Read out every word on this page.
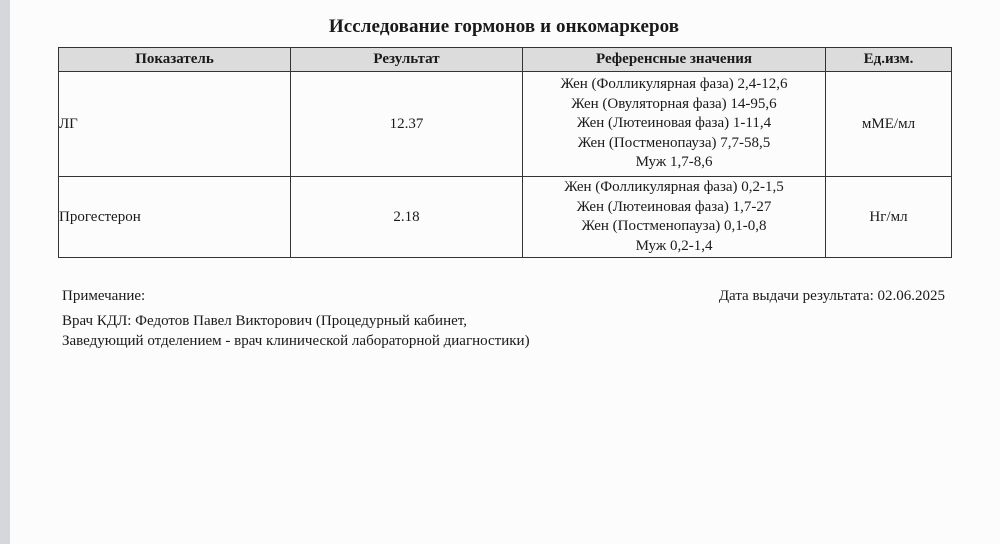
Исследование гормонов и онкомаркеров
Показатель	Результат	Референсные значения	Ед.изм.
ЛГ	12.37	Жен (Фолликулярная фаза) 2,4-12,6
Жен (Овуляторная фаза) 14-95,6
Жен (Лютеиновая фаза) 1-11,4
Жен (Постменопауза) 7,7-58,5
Муж 1,7-8,6	мМЕ/мл
Прогестерон	2.18	Жен (Фолликулярная фаза) 0,2-1,5
Жен (Лютеиновая фаза) 1,7-27
Жен (Постменопауза) 0,1-0,8
Муж 0,2-1,4	Нг/мл
Примечание:
Врач КДЛ: Федотов Павел Викторович (Процедурный кабинет, Заведующий отделением - врач клинической лабораторной диагностики)
Дата выдачи результата: 02.06.2025
